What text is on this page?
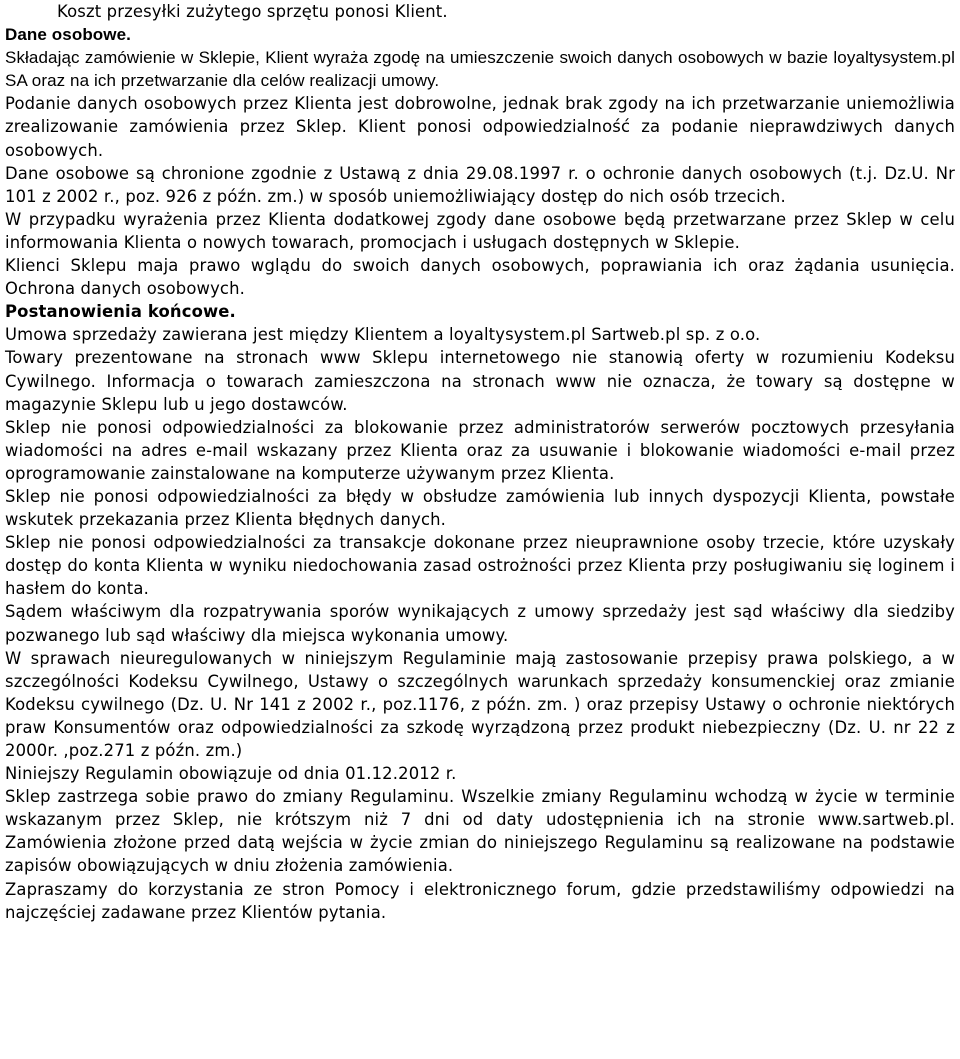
Koszt przesyłki zużytego sprzętu ponosi Klient.

Dane osobowe.

Składając zamówienie w Sklepie, Klient wyraża zgodę na umieszczenie swoich danych osobowych w bazie loyaltysystem.pl SA oraz na ich przetwarzanie dla celów realizacji umowy.

Podanie danych osobowych przez Klienta jest dobrowolne, jednak brak zgody na ich przetwarzanie uniemożliwia zrealizowanie zamówienia przez Sklep. Klient ponosi odpowiedzialność za podanie nieprawdziwych danych osobowych.

Dane osobowe są chronione zgodnie z Ustawą z dnia 29.08.1997 r. o ochronie danych osobowych (t.j. Dz.U. Nr 101 z 2002 r., poz. 926 z późn. zm.) w sposób uniemożliwiający dostęp do nich osób trzecich.

W przypadku wyrażenia przez Klienta dodatkowej zgody dane osobowe będą przetwarzane przez Sklep w celu informowania Klienta o nowych towarach, promocjach i usługach dostępnych w Sklepie.

Klienci Sklepu maja prawo wglądu do swoich danych osobowych, poprawiania ich oraz żądania usunięcia. Ochrona danych osobowych.

Postanowienia końcowe.

Umowa sprzedaży zawierana jest między Klientem a loyaltysystem.pl Sartweb.pl sp. z o.o.

Towary prezentowane na stronach www Sklepu internetowego nie stanowią oferty w rozumieniu Kodeksu Cywilnego. Informacja o towarach zamieszczona na stronach www nie oznacza, że towary są dostępne w magazynie Sklepu lub u jego dostawców.

Sklep nie ponosi odpowiedzialności za blokowanie przez administratorów serwerów pocztowych przesyłania wiadomości na adres e-mail wskazany przez Klienta oraz za usuwanie i blokowanie wiadomości e-mail przez oprogramowanie zainstalowane na komputerze używanym przez Klienta.

Sklep nie ponosi odpowiedzialności za błędy w obsłudze zamówienia lub innych dyspozycji Klienta, powstałe wskutek przekazania przez Klienta błędnych danych.

Sklep nie ponosi odpowiedzialności za transakcje dokonane przez nieuprawnione osoby trzecie, które uzyskały dostęp do konta Klienta w wyniku niedochowania zasad ostrożności przez Klienta przy posługiwaniu się loginem i hasłem do konta.

Sądem właściwym dla rozpatrywania sporów wynikających z umowy sprzedaży jest sąd właściwy dla siedziby pozwanego lub sąd właściwy dla miejsca wykonania umowy.

W sprawach nieuregulowanych w niniejszym Regulaminie mają zastosowanie przepisy prawa polskiego, a w szczególności Kodeksu Cywilnego, Ustawy o szczególnych warunkach sprzedaży konsumenckiej oraz zmianie Kodeksu cywilnego (Dz. U. Nr 141 z 2002 r., poz.1176, z późn. zm. ) oraz przepisy Ustawy o ochronie niektórych praw Konsumentów oraz odpowiedzialności za szkodę wyrządzoną przez produkt niebezpieczny (Dz. U. nr 22 z 2000r. ,poz.271 z późn. zm.)

Niniejszy Regulamin obowiązuje od dnia 01.12.2012 r.

Sklep zastrzega sobie prawo do zmiany Regulaminu. Wszelkie zmiany Regulaminu wchodzą w życie w terminie wskazanym przez Sklep, nie krótszym niż 7 dni od daty udostępnienia ich na stronie www.sartweb.pl. Zamówienia złożone przed datą wejścia w życie zmian do niniejszego Regulaminu są realizowane na podstawie zapisów obowiązujących w dniu złożenia zamówienia.

Zapraszamy do korzystania ze stron Pomocy i elektronicznego forum, gdzie przedstawiliśmy odpowiedzi na najczęściej zadawane przez Klientów pytania.
